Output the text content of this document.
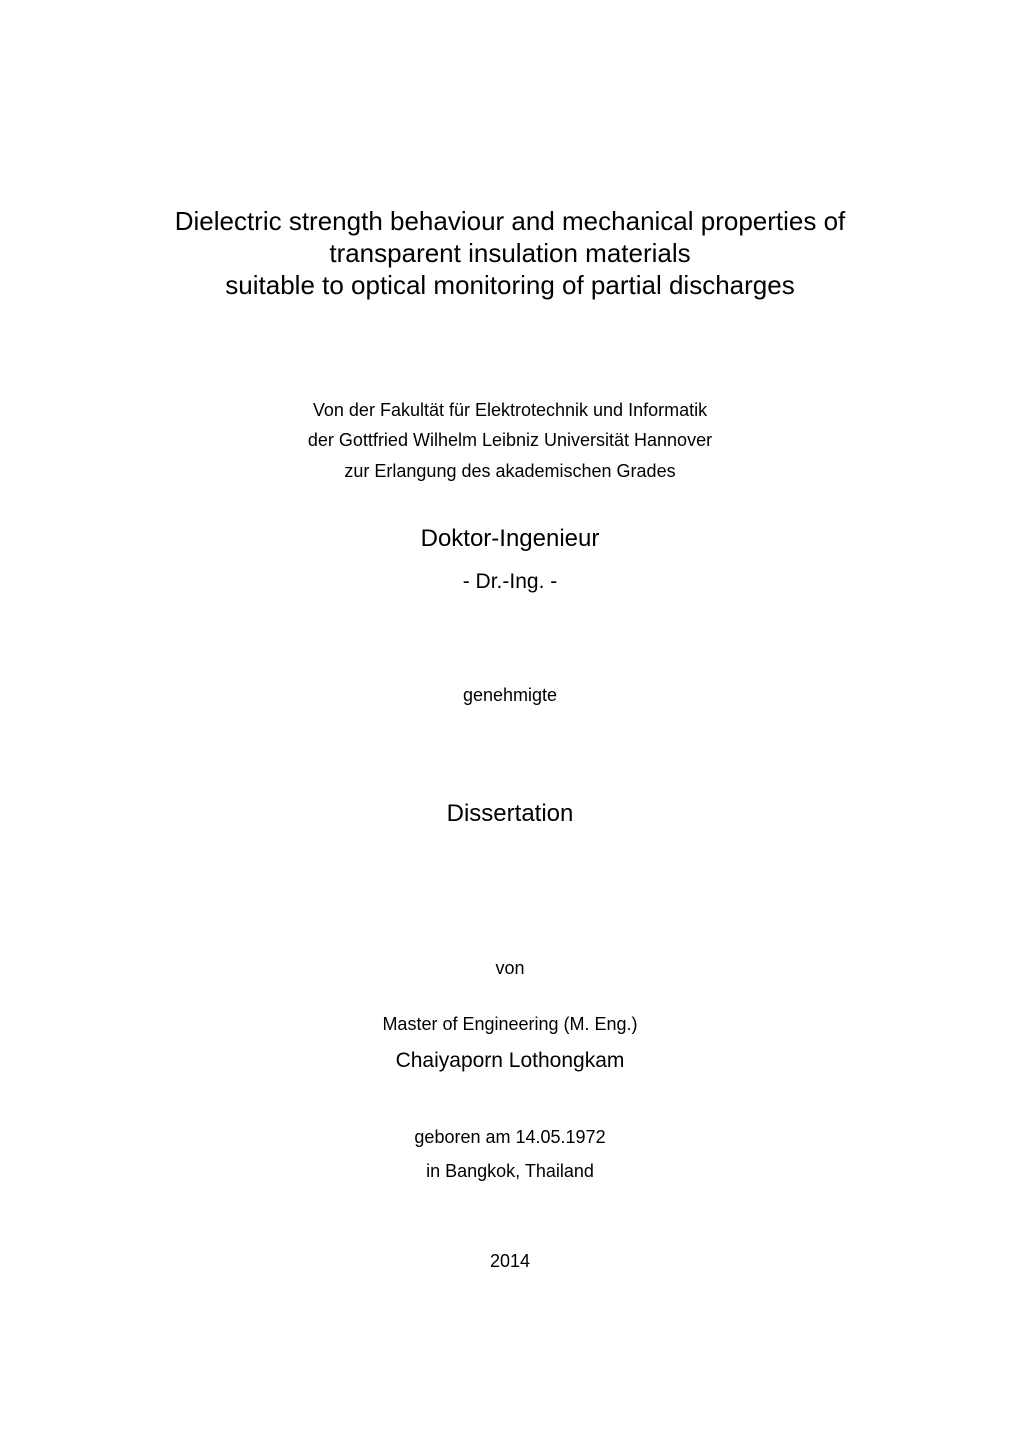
Dielectric strength behaviour and mechanical properties of
transparent insulation materials
suitable to optical monitoring of partial discharges
Von der Fakultät für Elektrotechnik und Informatik
der Gottfried Wilhelm Leibniz Universität Hannover
zur Erlangung des akademischen Grades
Doktor-Ingenieur
- Dr.-Ing. -
genehmigte
Dissertation
von
Master of Engineering (M. Eng.)
Chaiyaporn Lothongkam
geboren am 14.05.1972
in Bangkok, Thailand
2014
